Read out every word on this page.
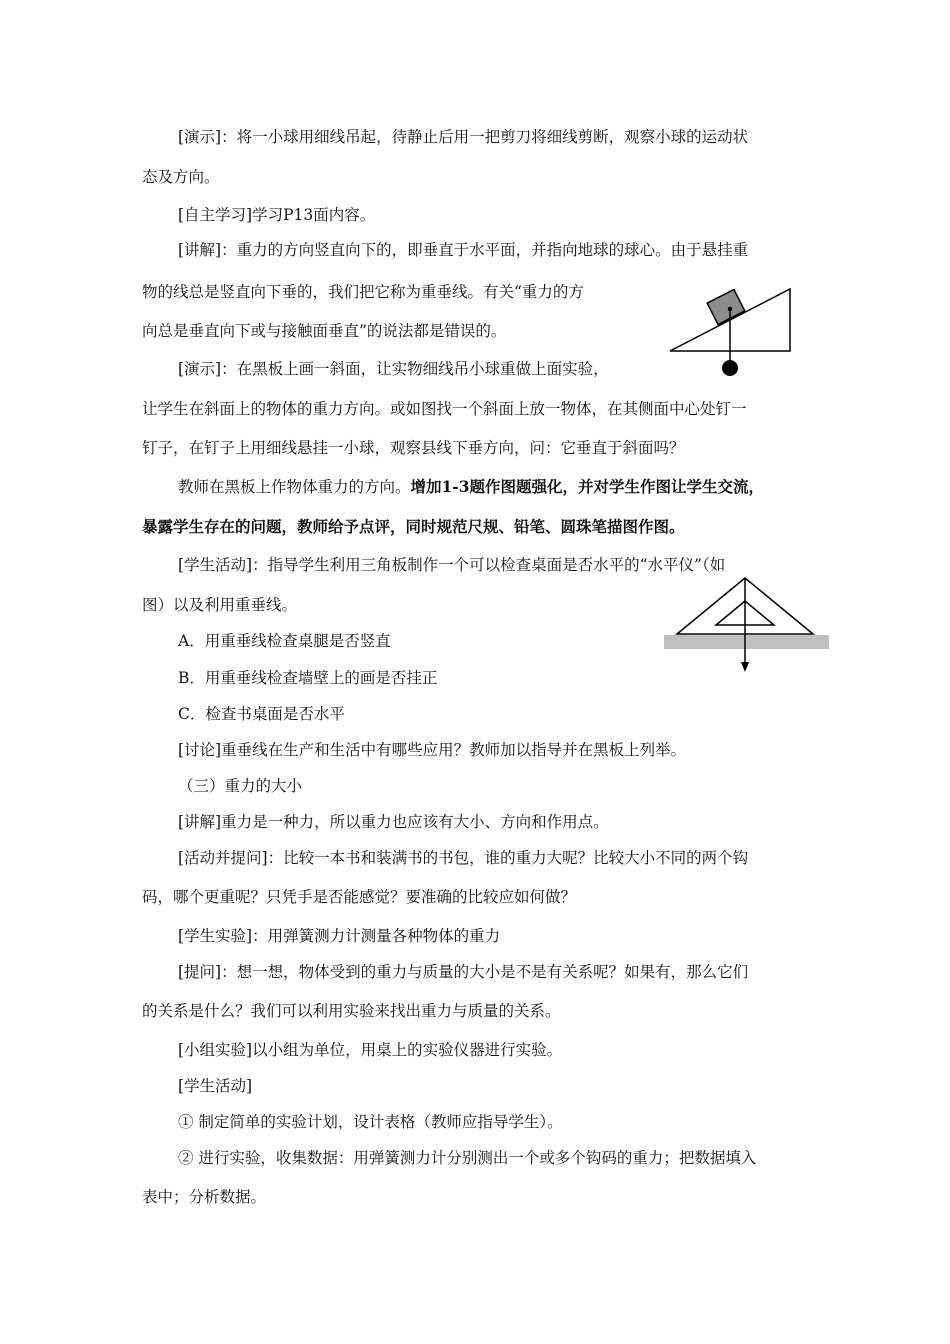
[演示]：将一小球用细线吊起，待静止后用一把剪刀将细线剪断，观察小球的运动状
态及方向。
[自主学习]学习P13面内容。
[讲解]：重力的方向竖直向下的，即垂直于水平面，并指向地球的球心。由于悬挂重
物的线总是竖直向下垂的，我们把它称为重垂线。有关“重力的方
向总是垂直向下或与接触面垂直”的说法都是错误的。
[演示]：在黑板上画一斜面，让实物细线吊小球重做上面实验，
让学生在斜面上的物体的重力方向。或如图找一个斜面上放一物体，在其侧面中心处钉一
钉子，在钉子上用细线悬挂一小球，观察县线下垂方向，问：它垂直于斜面吗？
教师在黑板上作物体重力的方向。增加1-3题作图题强化，并对学生作图让学生交流，
暴露学生存在的问题，教师给予点评，同时规范尺规、铅笔、圆珠笔描图作图。
[学生活动]：指导学生利用三角板制作一个可以检查桌面是否水平的“水平仪”（如
图）以及利用重垂线。
A．用重垂线检查桌腿是否竖直
B．用重垂线检查墙壁上的画是否挂正
C．检查书桌面是否水平
[讨论]重垂线在生产和生活中有哪些应用？教师加以指导并在黑板上列举。
（三）重力的大小
[讲解]重力是一种力，所以重力也应该有大小、方向和作用点。
[活动并提问]：比较一本书和装满书的书包，谁的重力大呢？比较大小不同的两个钩
码，哪个更重呢？只凭手是否能感觉？要准确的比较应如何做？
[学生实验]：用弹簧测力计测量各种物体的重力
[提问]：想一想，物体受到的重力与质量的大小是不是有关系呢？如果有，那么它们
的关系是什么？我们可以利用实验来找出重力与质量的关系。
[小组实验]以小组为单位，用桌上的实验仪器进行实验。
[学生活动]
① 制定简单的实验计划，设计表格（教师应指导学生）。
② 进行实验，收集数据：用弹簧测力计分别测出一个或多个钩码的重力；把数据填入
表中；分析数据。
